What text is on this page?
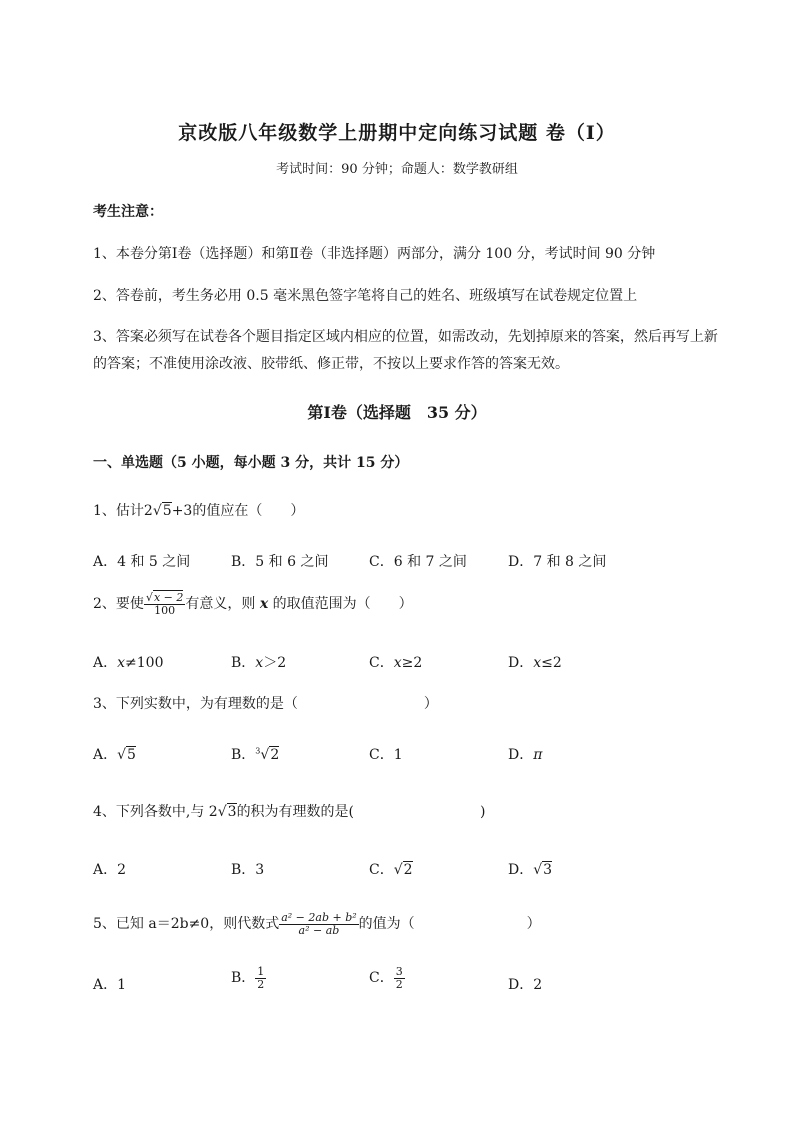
京改版八年级数学上册期中定向练习试题 卷（Ⅰ）
考试时间：90 分钟；命题人：数学教研组
考生注意：
1、本卷分第Ⅰ卷（选择题）和第Ⅱ卷（非选择题）两部分，满分 100 分，考试时间 90 分钟
2、答卷前，考生务必用 0.5 毫米黑色签字笔将自己的姓名、班级填写在试卷规定位置上
3、答案必须写在试卷各个题目指定区域内相应的位置，如需改动，先划掉原来的答案，然后再写上新
的答案；不准使用涂改液、胶带纸、修正带，不按以上要求作答的答案无效。
第Ⅰ卷（选择题　35 分）
一、单选题（5 小题，每小题 3 分，共计 15 分）
1、估计2√5+3的值应在（　　）
A．4 和 5 之间	B．5 和 6 之间	C．6 和 7 之间	D．7 和 8 之间
2、要使 $\frac{√x - 2}{100}$ 有意义，则 x 的取值范围为（　　）
A．x≠100	B．x＞2	C．x≥2	D．x≤2
3、下列实数中，为有理数的是（　　　　　　　　　）
A．√5	B．$^3$√2	C．1	D．π
4、下列各数中,与 2√3的积为有理数的是(　　　　　　　　　)
A．2	B．3	C．√2	D．√3
5、已知 a＝2b≠0，则代数式 $\frac{\text{a² − 2ab + b²}}{\text{a² − ab}}$ 的值为（　　　　　　　　）
A．1	B． $\frac{1}{2}$	C． $\frac{3}{2}$	D．2
